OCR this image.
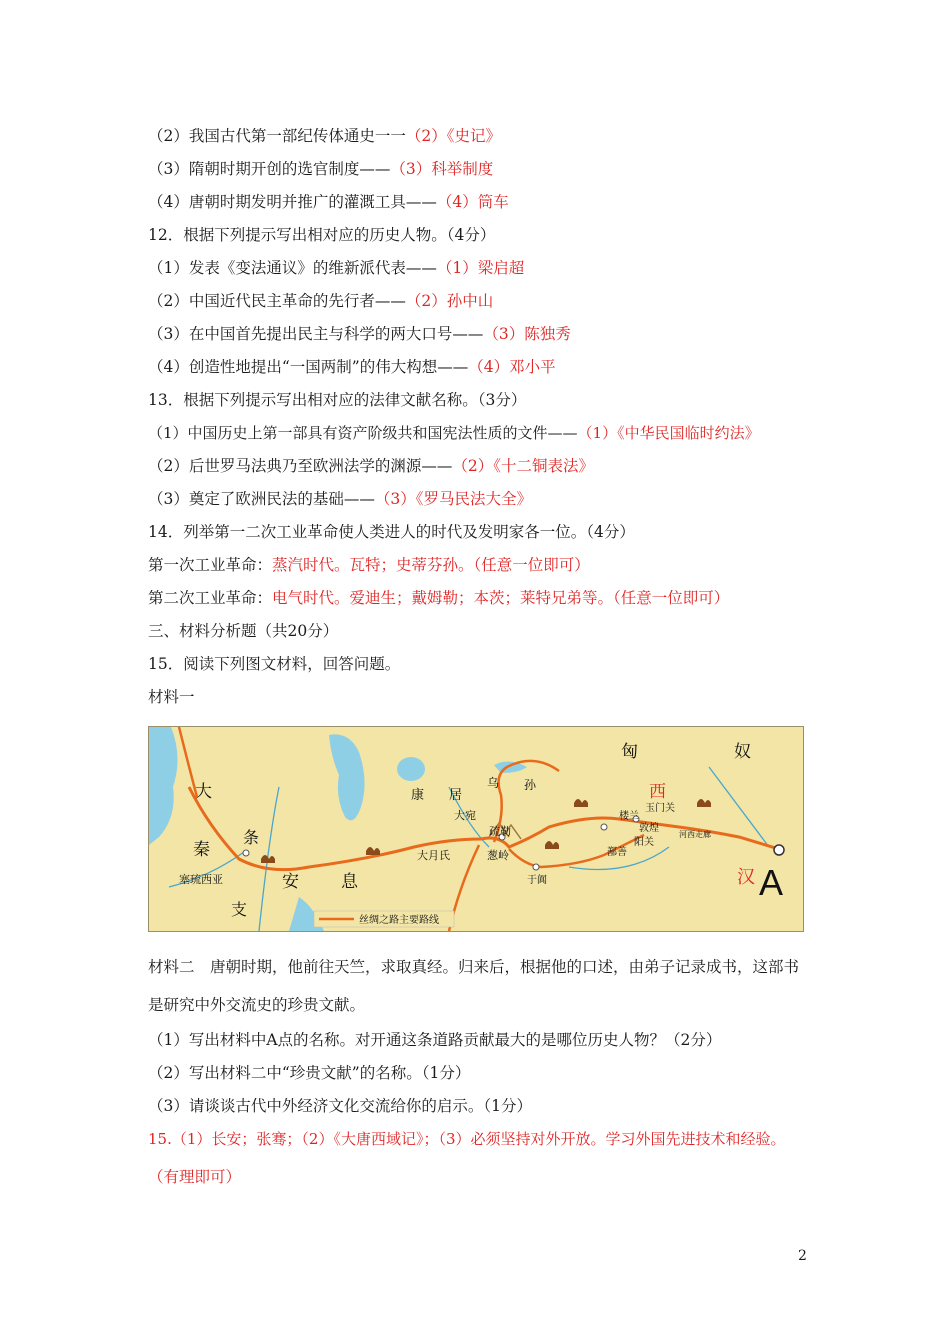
（2）我国古代第一部纪传体通史一一（2）《史记》
（3）隋朝时期开创的选官制度——（3）科举制度
（4）唐朝时期发明并推广的灌溉工具——（4）筒车
12．根据下列提示写出相对应的历史人物。（4分）
（1）发表《变法通议》的维新派代表——（1）梁启超
（2）中国近代民主革命的先行者——（2）孙中山
（3）在中国首先提出民主与科学的两大口号——（3）陈独秀
（4）创造性地提出“一国两制”的伟大构想——（4）邓小平
13．根据下列提示写出相对应的法律文献名称。（3分）
（1）中国历史上第一部具有资产阶级共和国宪法性质的文件——（1）《中华民国临时约法》
（2）后世罗马法典乃至欧洲法学的渊源——（2）《十二铜表法》
（3）奠定了欧洲民法的基础——（3）《罗马民法大全》
14．列举第一二次工业革命使人类进人的时代及发明家各一位。（4分）
第一次工业革命：蒸汽时代。瓦特；史蒂芬孙。（任意一位即可）
第二次工业革命：电气时代。爱迪生；戴姆勒；本茨；莱特兄弟等。（任意一位即可）
三、材料分析题（共20分）
15．阅读下列图文材料，回答问题。
材料一
匈	奴
大
秦
条
支
安 息
康 居
乌 孙	西
汉
大宛
疏勒
大月氏	葱岭
楼兰
玉门关
敦煌
阳关
河西走廊
鄯善
于阗
塞琉西亚	A
丝绸之路主要路线
材料二　唐朝时期，他前往天竺，求取真经。归来后，根据他的口述，由弟子记录成书，这部书
是研究中外交流史的珍贵文献。
（1）写出材料中A点的名称。对开通这条道路贡献最大的是哪位历史人物？（2分）
（2）写出材料二中“珍贵文献”的名称。（1分）
（3）请谈谈古代中外经济文化交流给你的启示。（1分）
15.（1）长安；张骞；（2）《大唐西域记》；（3）必须坚持对外开放。学习外国先进技术和经验。
（有理即可）
2
